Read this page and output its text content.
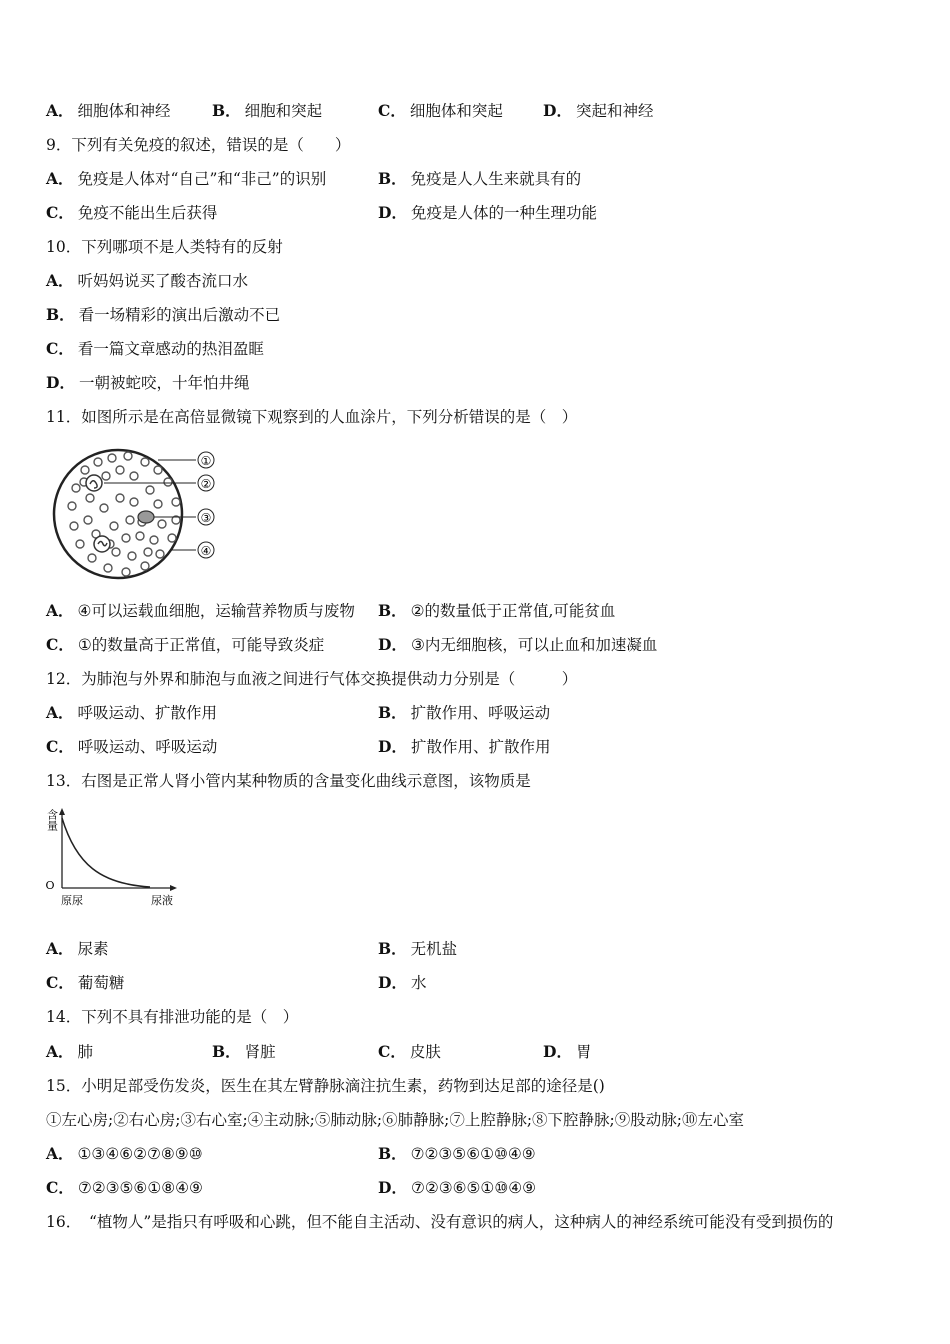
A． 细胞体和神经	B． 细胞和突起	C． 细胞体和突起	D． 突起和神经
9．下列有关免疫的叙述，错误的是（　　）
A． 免疫是人体对“自己”和“非己”的识别	B． 免疫是人人生来就具有的
C． 免疫不能出生后获得	D． 免疫是人体的一种生理功能
10．下列哪项不是人类特有的反射
A． 听妈妈说买了酸杏流口水
B． 看一场精彩的演出后激动不已
C． 看一篇文章感动的热泪盈眶
D． 一朝被蛇咬，十年怕井绳
11．如图所示是在高倍显微镜下观察到的人血涂片，下列分析错误的是（　）
①
②
③
④
A． ④可以运载血细胞，运输营养物质与废物 B． ②的数量低于正常值,可能贫血
C． ①的数量高于正常值，可能导致炎症	D． ③内无细胞核，可以止血和加速凝血
12．为肺泡与外界和肺泡与血液之间进行气体交换提供动力分别是（　　　）
A． 呼吸运动、扩散作用	B． 扩散作用、呼吸运动
C． 呼吸运动、呼吸运动	D． 扩散作用、扩散作用
13．右图是正常人肾小管内某种物质的含量变化曲线示意图，该物质是
含量
O
原尿	尿液
A． 尿素	B． 无机盐
C． 葡萄糖	D． 水
14．下列不具有排泄功能的是（　）
A． 肺	B． 肾脏	C． 皮肤	D． 胃
15．小明足部受伤发炎，医生在其左臂静脉滴注抗生素，药物到达足部的途径是()
①左心房;②右心房;③右心室;④主动脉;⑤肺动脉;⑥肺静脉;⑦上腔静脉;⑧下腔静脉;⑨股动脉;⑩左心室
A． ①③④⑥②⑦⑧⑨⑩	B． ⑦②③⑤⑥①⑩④⑨
C． ⑦②③⑤⑥①⑧④⑨	D． ⑦②③⑥⑤①⑩④⑨
16．　“植物人”是指只有呼吸和心跳，但不能自主活动、没有意识的病人，这种病人的神经系统可能没有受到损伤的
